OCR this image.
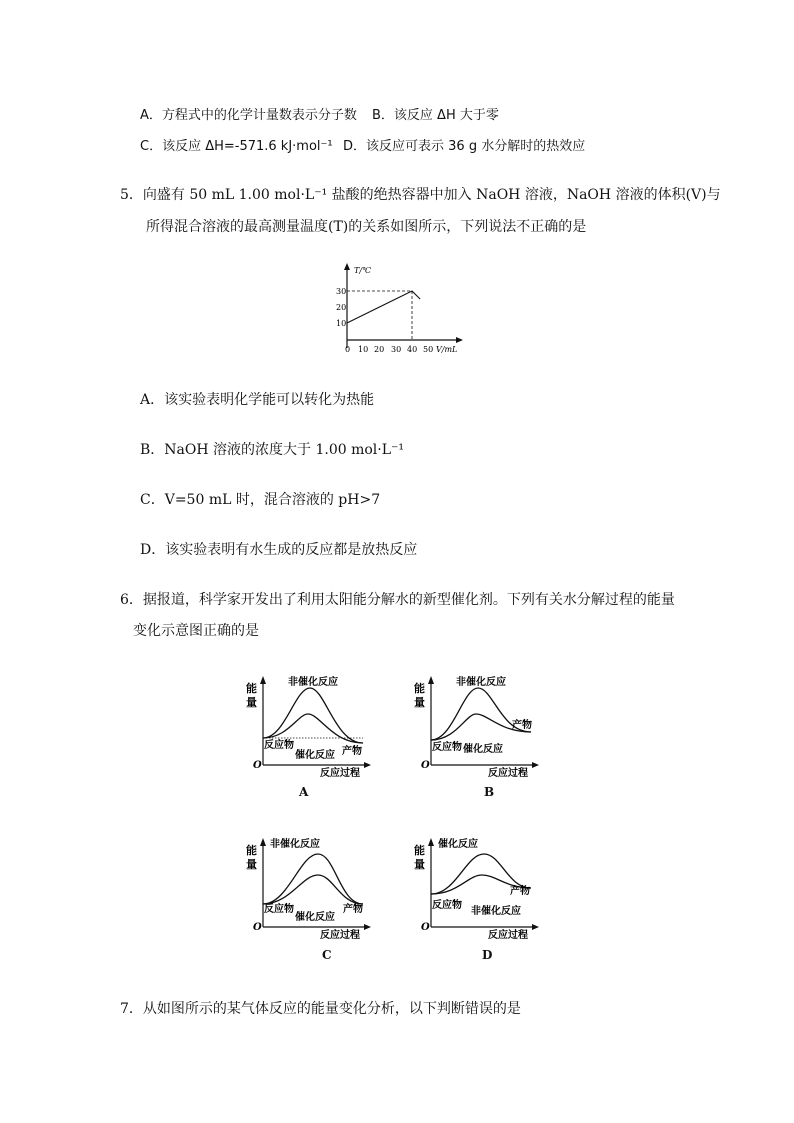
A．方程式中的化学计量数表示分子数 B．该反应 ΔH 大于零
C．该反应 ΔH=-571.6 kJ·mol⁻¹ D．该反应可表示 36 g 水分解时的热效应
5．向盛有 50 mL 1.00 mol·L⁻¹ 盐酸的绝热容器中加入 NaOH 溶液，NaOH 溶液的体积(V)与
所得混合溶液的最高测量温度(T)的关系如图所示，下列说法不正确的是
T/℃
30
20
10
0 10 20 30 40 50 V/mL
A．该实验表明化学能可以转化为热能
B．NaOH 溶液的浓度大于 1.00 mol·L⁻¹
C．V=50 mL 时，混合溶液的 pH>7
D．该实验表明有水生成的反应都是放热反应
6．据报道，科学家开发出了利用太阳能分解水的新型催化剂。下列有关水分解过程的能量
变化示意图正确的是
能
量
O
反应过程
非催化反应
反应物
催化反应 产物
A
能
量
O
反应过程
非催化反应
反应物 催化反应
产物
B
能
量
O
反应过程
非催化反应
反应物
催化反应
产物
C
能
量
O
反应过程
催化反应
反应物
非催化反应
产物
D
7．从如图所示的某气体反应的能量变化分析，以下判断错误的是
